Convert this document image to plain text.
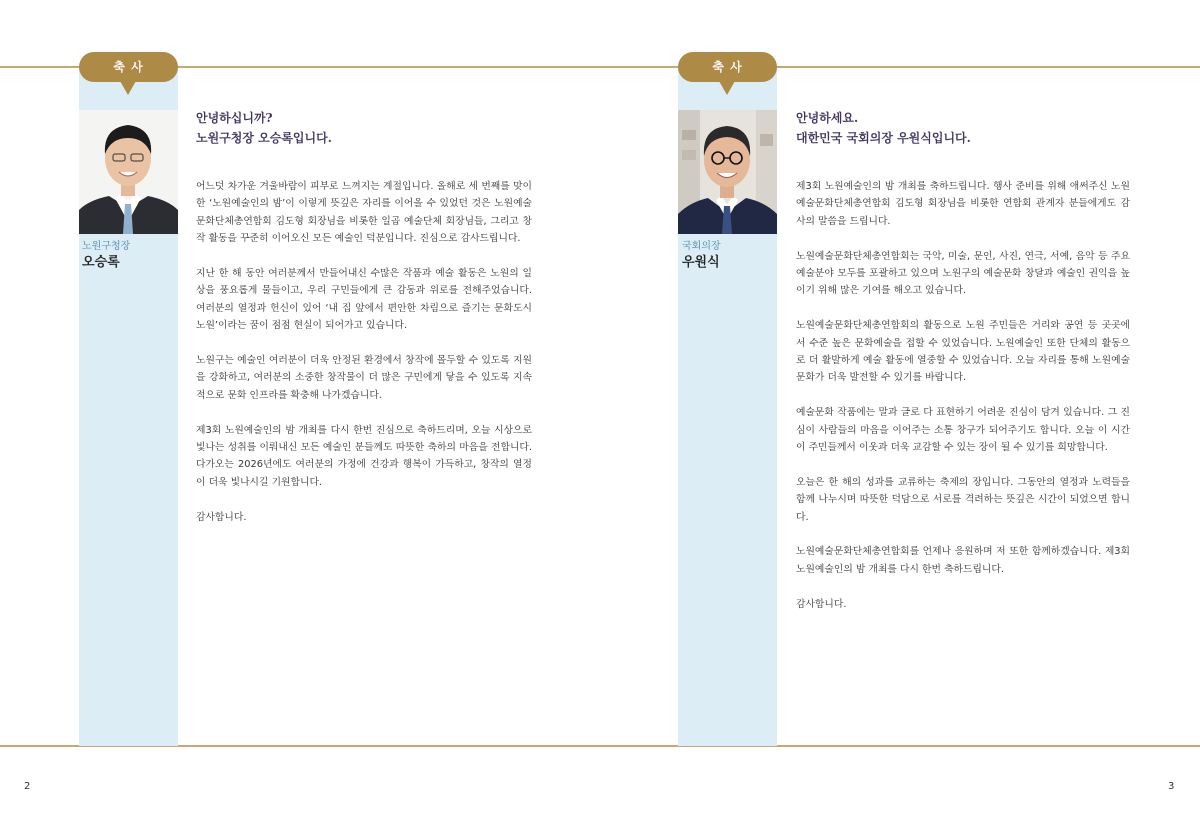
축 사
노원구청장
오승록
안녕하십니까?
노원구청장 오승록입니다.

어느덧 차가운 겨울바람이 피부로 느껴지는 계절입니다. 올해로 세 번째를 맞이한 ‘노원예술인의 밤’이 이렇게 뜻깊은 자리를 이어올 수 있었던 것은 노원예술문화단체총연합회 김도형 회장님을 비롯한 일곱 예술단체 회장님들, 그리고 창작 활동을 꾸준히 이어오신 모든 예술인 덕분입니다. 진심으로 감사드립니다.

지난 한 해 동안 여러분께서 만들어내신 수많은 작품과 예술 활동은 노원의 일상을 풍요롭게 물들이고, 우리 구민들에게 큰 감동과 위로를 전해주었습니다. 여러분의 열정과 헌신이 있어 ‘내 집 앞에서 편안한 차림으로 즐기는 문화도시 노원’이라는 꿈이 점점 현실이 되어가고 있습니다.

노원구는 예술인 여러분이 더욱 안정된 환경에서 창작에 몰두할 수 있도록 지원을 강화하고, 여러분의 소중한 창작물이 더 많은 구민에게 닿을 수 있도록 지속적으로 문화 인프라를 확충해 나가겠습니다.

제3회 노원예술인의 밤 개최를 다시 한번 진심으로 축하드리며, 오늘 시상으로 빛나는 성취를 이뤄내신 모든 예술인 분들께도 따뜻한 축하의 마음을 전합니다. 다가오는 2026년에도 여러분의 가정에 건강과 행복이 가득하고, 창작의 열정이 더욱 빛나시길 기원합니다.

감사합니다.

2
축 사
국회의장
우원식
안녕하세요.
대한민국 국회의장 우원식입니다.

제3회 노원예술인의 밤 개최를 축하드립니다. 행사 준비를 위해 애써주신 노원예술문화단체총연합회 김도형 회장님을 비롯한 연합회 관계자 분들에게도 감사의 말씀을 드립니다.

노원예술문화단체총연합회는 국악, 미술, 문인, 사진, 연극, 서예, 음악 등 주요 예술분야 모두를 포괄하고 있으며 노원구의 예술문화 창달과 예술인 권익을 높이기 위해 많은 기여를 해오고 있습니다.

노원예술문화단체총연합회의 활동으로 노원 주민들은 거리와 공연 등 곳곳에서 수준 높은 문화예술을 접할 수 있었습니다. 노원예술인 또한 단체의 활동으로 더 활발하게 예술 활동에 열중할 수 있었습니다. 오늘 자리를 통해 노원예술문화가 더욱 발전할 수 있기를 바랍니다.

예술문화 작품에는 말과 글로 다 표현하기 어려운 진심이 담겨 있습니다. 그 진심이 사람들의 마음을 이어주는 소통 창구가 되어주기도 합니다. 오늘 이 시간이 주민들께서 이웃과 더욱 교감할 수 있는 장이 될 수 있기를 희망합니다.

오늘은 한 해의 성과를 교류하는 축제의 장입니다. 그동안의 열정과 노력들을 함께 나누시며 따뜻한 덕담으로 서로를 격려하는 뜻깊은 시간이 되었으면 합니다.

노원예술문화단체총연합회를 언제나 응원하며 저 또한 함께하겠습니다. 제3회 노원예술인의 밤 개최를 다시 한번 축하드립니다.

감사합니다.

3
